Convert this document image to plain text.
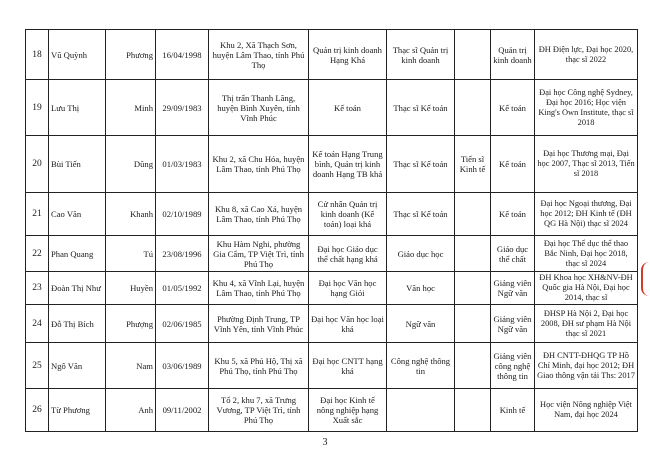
18	Vũ Quỳnh	Phương	16/04/1998	Khu 2, Xã Thạch Sơn, huyện Lâm Thao, tỉnh Phú Thọ	Quản trị kinh doanh Hạng Khá	Thạc sĩ Quản trị kinh doanh		Quản trị kinh doanh	ĐH Điện lực, Đại học 2020, thạc sĩ 2022
19	Lưu Thị	Minh	29/09/1983	Thị trấn Thanh Lãng, huyện Bình Xuyên, tỉnh Vĩnh Phúc	Kế toán	Thạc sĩ Kế toán		Kế toán	Đại học Công nghệ Sydney, Đại học 2016; Học viện King's Own Institute, thạc sĩ 2018
20	Bùi Tiến	Dũng	01/03/1983	Khu 2, xã Chu Hóa, huyện Lâm Thao, tỉnh Phú Thọ	Kế toán Hạng Trung bình, Quản trị kinh doanh Hạng TB khá	Thạc sĩ Kế toán	Tiến sĩ Kinh tế	Kế toán	Đại học Thương mại, Đại học 2007, Thạc sĩ 2013, Tiến sĩ 2018
21	Cao Văn	Khanh	02/10/1989	Khu 8, xã Cao Xá, huyện Lâm Thao, tỉnh Phú Thọ	Cử nhân Quản trị kinh doanh (Kế toán) loại khá	Thạc sĩ Kế toán		Kế toán	Đại học Ngoại thương, Đại học 2012; ĐH Kinh tế (ĐH QG Hà Nội) thạc sĩ 2024
22	Phan Quang	Tú	23/08/1996	Khu Hàm Nghi, phường Gia Cẩm, TP Việt Trì, tỉnh Phú Thọ	Đại học Giáo dục thể chất hạng khá	Giáo dục học		Giáo dục thể chất	Đại học Thể dục thể thao Bắc Ninh, Đại học 2018, thạc sĩ 2024
23	Đoàn Thị Như	Huyền	01/05/1992	Khu 4, xã Vĩnh Lại, huyện Lâm Thao, tỉnh Phú Thọ	Đại học Văn học hạng Giỏi	Văn học		Giảng viên Ngữ văn	ĐH Khoa học XH&NV-ĐH Quốc gia Hà Nội, Đại học 2014, thạc sĩ
24	Đỗ Thị Bích	Phượng	02/06/1985	Phường Định Trung, TP Vĩnh Yên, tỉnh Vĩnh Phúc	Đại học Văn học loại khá	Ngữ văn		Giảng viên Ngữ văn	ĐHSP Hà Nội 2, Đại học 2008, ĐH sư phạm Hà Nội thạc sĩ 2021
25	Ngô Văn	Nam	03/06/1989	Khu 5, xã Phú Hộ, Thị xã Phú Thọ, tỉnh Phú Thọ	Đại học CNTT hạng khá	Công nghệ thông tin		Giảng viên công nghệ thông tin	ĐH CNTT-ĐHQG TP Hồ Chí Minh, đại học 2012; ĐH Giao thông vận tải Ths: 2017
26	Từ Phương	Anh	09/11/2002	Tổ 2, khu 7, xã Trưng Vương, TP Việt Trì, tỉnh Phú Thọ	Đại học Kinh tế nông nghiệp hạng Xuất sắc			Kinh tế	Học viện Nông nghiệp Việt Nam, đại học 2024
3
